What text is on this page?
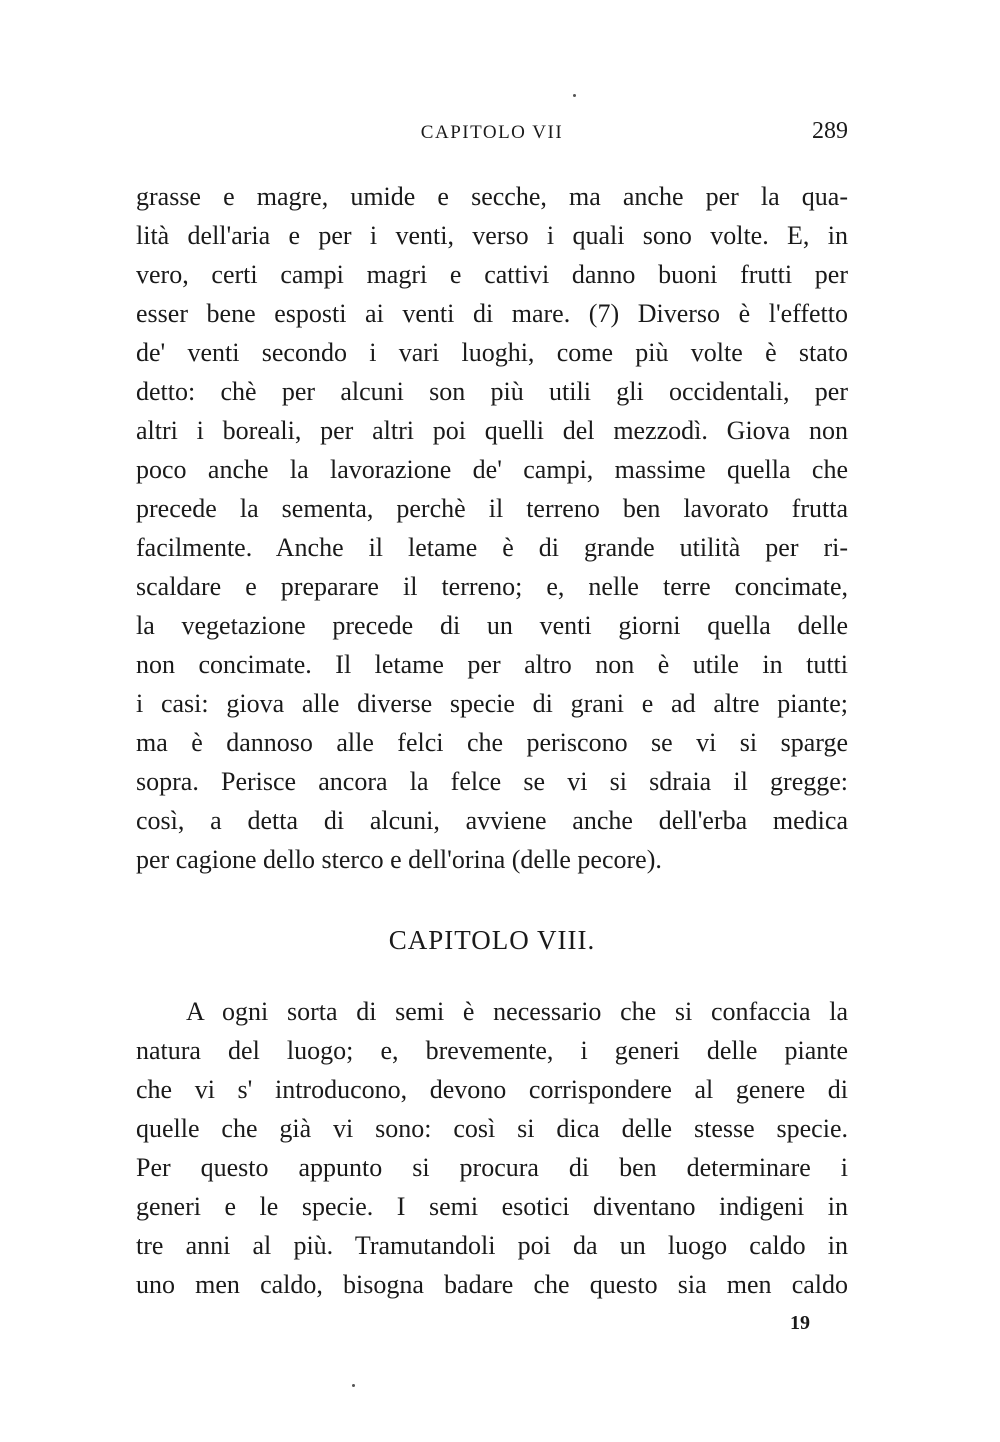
CAPITOLO VII	289
grasse e magre, umide e secche, ma anche per la qua-
lità dell'aria e per i venti, verso i quali sono volte. E, in
vero, certi campi magri e cattivi danno buoni frutti per
esser bene esposti ai venti di mare. (7) Diverso è l'effetto
de' venti secondo i vari luoghi, come più volte è stato
detto: chè per alcuni son più utili gli occidentali, per
altri i boreali, per altri poi quelli del mezzodì. Giova non
poco anche la lavorazione de' campi, massime quella che
precede la sementa, perchè il terreno ben lavorato frutta
facilmente. Anche il letame è di grande utilità per ri-
scaldare e preparare il terreno; e, nelle terre concimate,
la vegetazione precede di un venti giorni quella delle
non concimate. Il letame per altro non è utile in tutti
i casi: giova alle diverse specie di grani e ad altre piante;
ma è dannoso alle felci che periscono se vi si sparge
sopra. Perisce ancora la felce se vi si sdraia il gregge:
così, a detta di alcuni, avviene anche dell'erba medica
per cagione dello sterco e dell'orina (delle pecore).
CAPITOLO VIII.
A ogni sorta di semi è necessario che si confaccia la
natura del luogo; e, brevemente, i generi delle piante
che vi s' introducono, devono corrispondere al genere di
quelle che già vi sono: così si dica delle stesse specie.
Per questo appunto si procura di ben determinare i
generi e le specie. I semi esotici diventano indigeni in
tre anni al più. Tramutandoli poi da un luogo caldo in
uno men caldo, bisogna badare che questo sia men caldo
19
